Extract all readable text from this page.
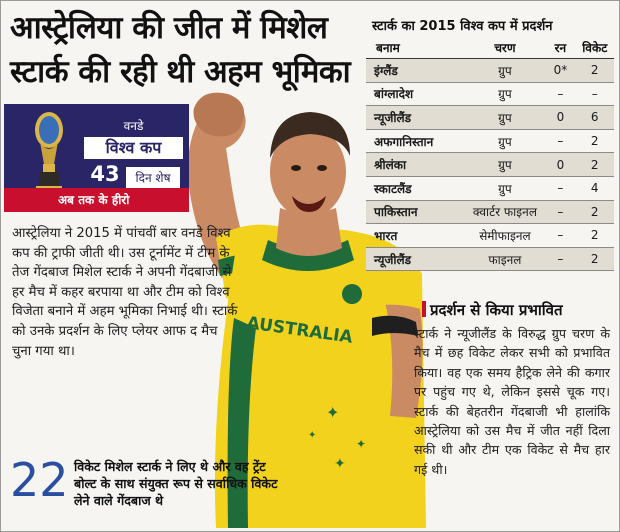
आस्ट्रेलिया की जीत में मिशेल
स्टार्क की रही थी अहम भूमिका
✦
✦
✦
✦
AUSTRALIA
वनडे
विश्व कप
43 दिन शेष
अब तक के हीरो
आस्ट्रेलिया ने 2015 में पांचवीं बार वनडे विश्व कप की ट्राफी जीती थी। उस टूर्नामेंट में टीम के तेज गेंदबाज मिशेल स्टार्क ने अपनी गेंदबाजी से हर मैच में कहर बरपाया था और टीम को विश्व विजेता बनाने में अहम भूमिका निभाई थी। स्टार्क को उनके प्रदर्शन के लिए प्लेयर आफ द मैच चुना गया था।
स्टार्क का 2015 विश्व कप में प्रदर्शन
बनाम	चरण	रन	विकेट
इंग्लैंड	ग्रुप	0*	2
बांग्लादेश	ग्रुप	–	–
न्यूजीलैंड	ग्रुप	0	6
अफगानिस्तान	ग्रुप	–	2
श्रीलंका	ग्रुप	0	2
स्काटलैंड	ग्रुप	–	4
पाकिस्तान	क्वार्टर फाइनल	–	2
भारत	सेमीफाइनल	–	2
न्यूजीलैंड	फाइनल	–	2
प्रदर्शन से किया प्रभावित
स्टार्क ने न्यूजीलैंड के विरुद्ध ग्रुप चरण के मैच में छह विकेट लेकर सभी को प्रभावित किया। वह एक समय हैट्रिक लेने की कगार पर पहुंच गए थे, लेकिन इससे चूक गए। स्टार्क की बेहतरीन गेंदबाजी भी हालांकि आस्ट्रेलिया को उस मैच में जीत नहीं दिला सकी थी और टीम एक विकेट से मैच हार गई थी।
22 विकेट मिशेल स्टार्क ने लिए थे और वह ट्रेंट बोल्ट के साथ संयुक्त रूप से सर्वाधिक विकेट लेने वाले गेंदबाज थे
